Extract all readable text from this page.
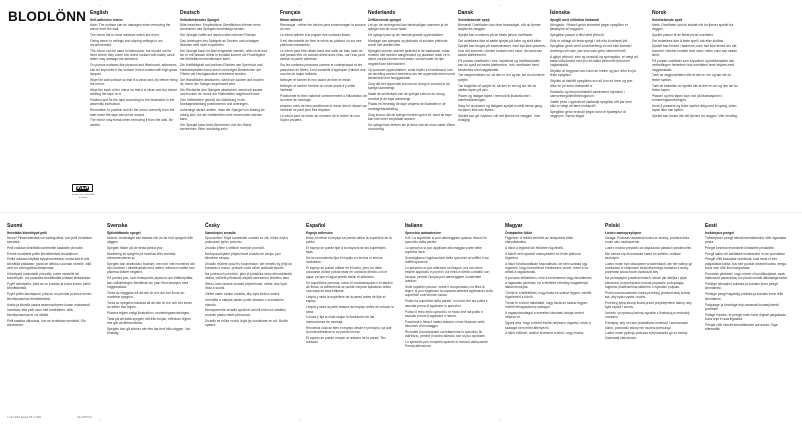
BLODLÖNN
IKEA
Design and Quality IKEA of Sweden
© Inter IKEA Systems B.V. 2020	AA-2XXXXX-1
English
Self-adhesive mirror

Note: The surface can be damaged when removing the mirror from the wall.

The mirror fits to most surfaces which are even.

Fixing mirror to ceilings and sloping ceilings is not recommended.

The mirror can be used in bathrooms, but should not be fixed where they come into direct contact with water, since water may damage the adhesive.

On porous surfaces like plywood and fiberboard, adhesives can be improved if the surface is first coated with high gloss lacquer.

Wipe the wall surface so that it is clean and dry before fixing the mirror.

Wipe the back of the mirror so that it is clean and dry before sticking the tape on it.

Position and fix the tape according to the illustration in the assembly instruction.

Remember to position and fix the mirror correctly from the start since the tape cannot be moved.

The mirror may break when removing it from the wall. Be careful.

Deutsch
Selbstklebender Spiegel

Bitte beachten: Empfindliche Oberflächen können beim Abnehmen des Spiegels beschädigt werden.

Der Spiegel haftet auf nahezu allen ebenen Flächen.

Das Anbringen des Spiegels an Decken und schrägen Wänden wird nicht empfohlen.

Der Spiegel kann im Bad eingesetzt werden, aber nicht dort, wo er mit Wasser direkt in Kontakt kommt, da Feuchtigkeit die Klebefläche beeinflussen kann.

Die Haftfähigkeit auf porösen Flächen wie Sperrholz und Hartfaserplatten kann durch vorheriges Bestreichen der Fläche mit Hochglanzlack verbessert werden.

Die Wandfläche abwischen, damit sie sauber und trocken ist, wenn der Spiegel angebracht wird.

Die Rückseite des Spiegels abwischen, damit sie sauber und trocken ist, bevor der Haftstreifen angebracht wird.

Den Haftstreifen gemäß der Abbildung in der Montageanleitung positionieren und anbringen.

Unbedingt darauf achten, dass der Spiegel von Anfang an richtig sitzt, da der Haftstreifen nicht verschoben werden kann.

Der Spiegel kann beim Abnehmen von der Wand zerbrechen. Bitte vorsichtig sein!

Français
Miroir adhésif

Remarque : retirer les miroirs peut endommager la surface du mur.

Le miroir adhère à la plupart des surfaces lisses.

Il est déconseillé de fixer le miroir au plafond ou sur des plafonds mansardés.

Le miroir peut être utilisé dans une salle de bain mais ne doit jamais être en contact direct avec l'eau, car l'eau peut abîmer la partie adhésive.

Sur les surfaces poreuses comme le contreplaqué et les panneaux de fibres, il est conseillé d'appliquer d'abord une couche de laque brillante.

Nettoyer et sécher le mur avant de fixer le miroir.

Nettoyer et sécher l'arrière du miroir avant d'y coller l'adhésif.

Positionner et fixer l'adhésif conformément à l'illustration de la notice de montage.

Assurez-vous de bien positionner le miroir dès le départ car l'adhésif ne peut plus être déplacé.

Le miroir peut se briser au moment de le retirer du mur. Soyez prudent.

Nederlands
Zelfklevende spiegel

Let op: de ondergrond kan beschadigen wanneer je de spiegel van de muur haalt.

De spiegel past op de meeste gladde oppervlakken.

Montage van spiegels op plafonds of schuine plafonds wordt niet aanbevolen.

Spiegels kunnen worden gebruikt in de badkamer, maar moeten niet worden aangebracht op plaatsen waar ze in direct contact komen met water, omdat water de lijm negatief kan beïnvloeden.

Op poreuze oppervlakken, zoals triplex en hardboard, kan de hechting worden verbeterd als het oppervlak eerst wordt behandeld met hoogglanslak.

Zorg dat het oppervlak schoon en droog is voordat je de spiegel aanbrengt.

Maak de achterkant van de spiegel schoon en droog voordat je de tape aanbrengt.

Plaats en bevestig de tape volgens de illustratie in de montagehandleiding.

Zorg ervoor dat de spiegel meteen goed zit, want de tape kan niet meer verplaatst worden.

De spiegel kan breken als je deze van de muur haalt. Wees voorzichtig.

Dansk
Selvklæbende spejl

Bemærk! Overfladen kan blive beskadiget, når du fjerner spejlet fra væggen.

Spejlet kan monteres på de fleste jævne overflader.

Det anbefales ikke at sætte spejlet på lofter og skrå lofter.

Spejlet kan bruges på badeværelser, men bør ikke placeres, hvor det kommer i direkte kontakt med vand, da vand kan skade klæbeevnen.

På porøse overflader, f.eks. krydsfiner og træfiberplader, kan du opnå en bedre klæbeevne, hvis overfladen først behandles med højglanslak.

Tør vægoverfladen af, så den er ren og tør, før du monterer spejlet.

Tør bagsiden af spejlet af, så den er ren og tør, før du sætter tapen på den.

Placer og fastgør tapen i henhold til illustrationen i samlevejledningen.

Sørg for at placere og fastgøre spejlet korrekt første gang, da tapen ikke kan flyttes.

Spejlet kan gå i stykker, når det fjernes fra væggen. Vær forsigtig.

Íslenska
Spegill með viðloðna límbandi

Athugaðu: Yfirborð getur skemmst þegar spegillinn er fjarlægður af veggnum.

Spegillinn passar á flest slétt yfirborð.

Ekki er ráðlagt að festa spegil í loft eða á hallandi loft.

Spegillinn getur verið á baðherbergi en má ekki komast í snertingu við vatn, þar sem vatn getur skemmt límið.

Á gljúpt yfirborð, eins og krossvið og spónaplötu, er hægt að bæta viðloðunina með því að lakka yfirborðið fyrst með háglanslakki.

Strjúktu af veggnum svo hann sé hreinn og þurr áður en þú festir spegilinn.

Strjúktu af bakhlið spegilsins svo að hún sé hrein og þurr áður en þú setur límbandið á.

Staðsettu og festu límbandið samkvæmt myndinni í samsetningarleiðbeiningunum.

Gættu þess í upphafi að staðsetja spegilinn rétt þar sem ekki er hægt að færa límbandið.

Spegillinn getur brotnað þegar hann er fjarlægður af veggnum. Sýndu aðgát.

Norsk
Selvklebende speil

Merk: Overflaten kan bli skadet når du fjerner speilet fra veggen.

Speilet passer til de fleste jevne overflater.

Det anbefales ikke å feste speil i tak eller skråtak.

Speilet kan brukes i baderom, men bør ikke festes der det kommer i direkte kontakt med vann, siden vann kan skade limet.

På porøse overflater som kryssfiner og trefiberplater kan vedheftingen forbedres hvis overflaten først strykes med høyglanslakk.

Tørk av veggoverflaten slik at den er ren og tørr før du fester speilet.

Tørk av baksiden av speilet slik at den er ren og tørr før du fester tapen.

Plasser og fest tapen som vist på illustrasjonen i monteringsanvisningen.

Husk å plassere og feste speilet riktig med én gang, siden tapen ikke kan flyttes.

Speilet kan knuse når det fjernes fra veggen. Vær forsiktig.

Suomi
Itsestään kiinnittyvä peili

Huom! Pintamateriaali voi vahingoittua, kun peili irrotetaan seinästä.

Peili voidaan kiinnittää useimmille tasaisille pinnoille.

Emme suosittele peilin kiinnittämistä vinokattoon.

Peiliä voidaan käyttää kylpyhuoneessa, mutta sitä ei tule kiinnittää paikkaan, jossa se altistuu suoraan vedelle, sillä vesi voi vahingoittaa liimapintaa.

Kiinnitystä huokoisille pinnoille, kuten vanerille tai kuitulevylle, voi parantaa siveltämällä pintaan kiiltolakkaa.

Pyyhi seinäpinta, jotta se on puhdas ja kuiva ennen peilin kiinnittämistä.

Pyyhi peilin taustapuoli, jotta se on puhdas ja kuiva ennen kiinnitysnauhan kiinnittämistä.

Aseta ja kiinnitä nauha asennusohjeen kuvan mukaisesti.

Varmista, että peili osuu heti kohdalleen, sillä kiinnitysnauhaa ei voi siirtää.

Peili saattaa rikkoutua, kun se irrotetaan seinästä. Ole varovainen.

Svenska
Självhäftande spegel

Notera: Underlaget kan skadas när du tar bort spegeln från väggen.

Spegeln fäster på de flesta jämna ytor.

Montering av spegeln på innertak eller snedtak rekommenderas ej.

Spegeln kan användas i badrum, men bör inte monteras där den kommer i direktkontakt med vatten, eftersom vatten kan påverka klistret negativt.

På porösa ytor, som exempelvis plywood och träfiberplatta, kan vidhäftningen förbättras om ytan först bestryks med högglanslack.

Torka av väggytan så att den är ren och torr innan du monterar spegeln.

Torka av spegelns baksida så att den är ren och torr innan du sätter fast tejpen.

Placera tejpen enligt illustration i monteringsanvisningen.

Tänk på att sätta spegeln rätt från början, eftersom tejpen inte går att återanvända.

Spegeln kan gå sönder när den tas bort från väggen. Var försiktig.

Česky
Samolepicí zrcadlo

Upozornění: Když sundáváte zrcadlo ze zdi, může dojít k poškození jejího povrchu.

Zrcadlo přilne k většině rovných povrchů.

Nedoporučujeme připevňovat zrcadlo ke stropu (ani šikmému stropu).

Zrcadlo můžete použít v koupelnách, ale nemělo by přijít do kontaktu s vodou, protože voda může poškodit lepidlo.

Na porézních površích, jako je překližka nebo dřevovláknitá deska, můžete přilnavost zlepšit nanesením lesklého laku.

Stěnu, kam budete zrcadlo připevňovat, otřete, aby byla čistá a suchá.

Otřete zadní stranu zrcadla, aby byla čistá a suchá.

Umístěte a nalepte pásku podle obrázku v montážním návodu.

Nezapomeňte zrcadlo správně umístit hned od začátku, protože pásku nelze přesunout.

Zrcadlo se může rozbít, když jej sundáváte ze zdi. Buďte opatrní.

Español
Espejo adhesivo

Nota: Al retirar el espejo se puede dañar la superficie de la pared.

El espejo se puede fijar a la mayoría de las superficies lisas.

No se recomienda fijar el espejo en techos ni techos inclinados.

El espejo se puede utilizar en el baño, pero no debe colocarse donde pueda estar en contacto directo con el agua, ya que el agua puede dañar el adhesivo.

En superficies porosas, como el contrachapado o el tablero de fibras, la adherencia se puede mejorar aplicando antes una capa de laca brillante.

Limpia y seca la superficie de la pared antes de fijar el espejo.

Limpia y seca la parte trasera del espejo antes de colocar la cinta.

Coloca y fija la cinta según la ilustración de las instrucciones de montaje.

Recuerda colocar bien el espejo desde el principio, ya que la cinta adhesiva no se puede mover.

El espejo se puede romper al retirarlo de la pared. Ten cuidado.

Italiano
Specchio autoadesivo

N.B. La superficie si può danneggiare quando rimuovi lo specchio dalla parete.

Lo specchio si può applicare alla maggior parte delle superfici lisce.

Sconsigliamo l'applicazione dello specchio al soffitto o sui soffitti spioventi.

Lo specchio si può utilizzare nel bagno, ma non deve essere applicato in punti in cui entra a diretto contatto con l'acqua, perché l'acqua può danneggiare il materiale adesivo.

Sulle superfici porose, come il compensato o la fibra di legno, si può migliorare la capacità adesiva applicando sulla superficie una vernice lucida.

Pulisci la superficie della parete, in modo che sia pulita e asciutta prima di applicare lo specchio.

Pulisci il retro dello specchio, in modo che sia pulito e asciutto prima di applicare il nastro.

Posiziona e fissa il nastro adesivo come illustrato nelle istruzioni di montaggio.

Ricordati di posizionare correttamente lo specchio fin dall'inizio, perché il nastro adesivo non si può spostare.

Lo specchio può rompersi quando lo rimuovi dalla parete. Presta attenzione.

Magyar
Öntapadós tükör

Figyelem: A felület sérülhet az öntapadós tükör eltávolításakor.

A tükör a legtöbb sík felületre rögzíthető.

A tükröt nem ajánlott mennyezetre és ferde plafonra rögzíteni.

A tükör fürdőszobában használható, de nem szabad úgy rögzíteni, hogy közvetlenül érintkezzen vízzel, mivel a víz árthat a ragasztónak.

A porózus felületeken, mint a furnérlemez vagy farostlemez, a ragasztás javítható, ha a felületet előzőleg magasfényű lakkal bevonják.

Töröld le a falfelületet, hogy tiszta és száraz legyen, mielőtt rögzítenéd a tükröt.

Töröld le a tükör hátoldalát, hogy tiszta és száraz legyen, mielőtt felragasztod a szalagot.

A ragasztószalagot a szerelési útmutató ábrája szerint helyezd el.

Ügyelj arra, hogy a tükröt elsőre helyesen rögzítsd, mivel a szalagot nem lehet áthelyezni.

A tükör eltörhet, amikor leveszed a falról. Légy óvatos.

Polski
Lustro samoprzylepne

Uwaga: Podczas usuwania lustra ze ściany, powierzchnia może ulec uszkodzeniu.

Lustro można przykleić do większości płaskich powierzchni.

Nie zaleca się mocowania lustra do sufitów i sufitów skośnych.

Lustro może być stosowane w łazienkach, ale nie należy go montować w miejscach bezpośredniego kontaktu z wodą, ponieważ woda może uszkodzić klej.

Na porowatych powierzchniach, takich jak sklejka i płyta pilśniowa, przyczepność można poprawić, pokrywając najpierw powierzchnię lakierem o wysokim połysku.

Przed zamocowaniem lustra przetrzyj powierzchnię ściany tak, aby była czysta i sucha.

Przetrzyj tylną stronę lustra przed przyklejeniem taśmy, aby była czysta i sucha.

Umieść i przymocuj taśmę zgodnie z ilustracją w instrukcji montażu.

Pamiętaj, aby od razu prawidłowo umieścić i zamocować lustro, ponieważ taśmy nie można przesunąć.

Lustro może pęknąć podczas zdejmowania go ze ściany. Zachowaj ostrożność.

Eesti
Isekleepuv peegel

Tähelepanu: peegli seinalt eemaldamine võib vigastada pinda.

Peegel kinnitub enamikele ühtlastele pindadele.

Peegli lakke või kaldlakke kinnitamine ei ole soovitatav.

Peeglit võib kasutada vannitoas, kuid seda ei tohi paigaldada kohta, kus see puutub otseselt kokku veega, kuna vesi võib liimi kahjustada.

Poorsetel pindadel, nagu vineer või puitkiudplaat, saab nakkuvust parandada, kui pinda esmalt läikelakiga katta.

Pühkige seinapind puhtaks ja kuivaks enne peegli kinnitamist.

Pühkige peegli tagakülg puhtaks ja kuivaks enne teibi kinnitamist.

Paigutage ja kinnitage teip vastavalt koostejuhendi joonisele.

Pidage meeles, et peegel tuleb kohe õigesti paigaldada, kuna teipi ei saa liigutada.

Peegel võib seinalt eemaldamisel puruneda. Olge ettevaatlik.
